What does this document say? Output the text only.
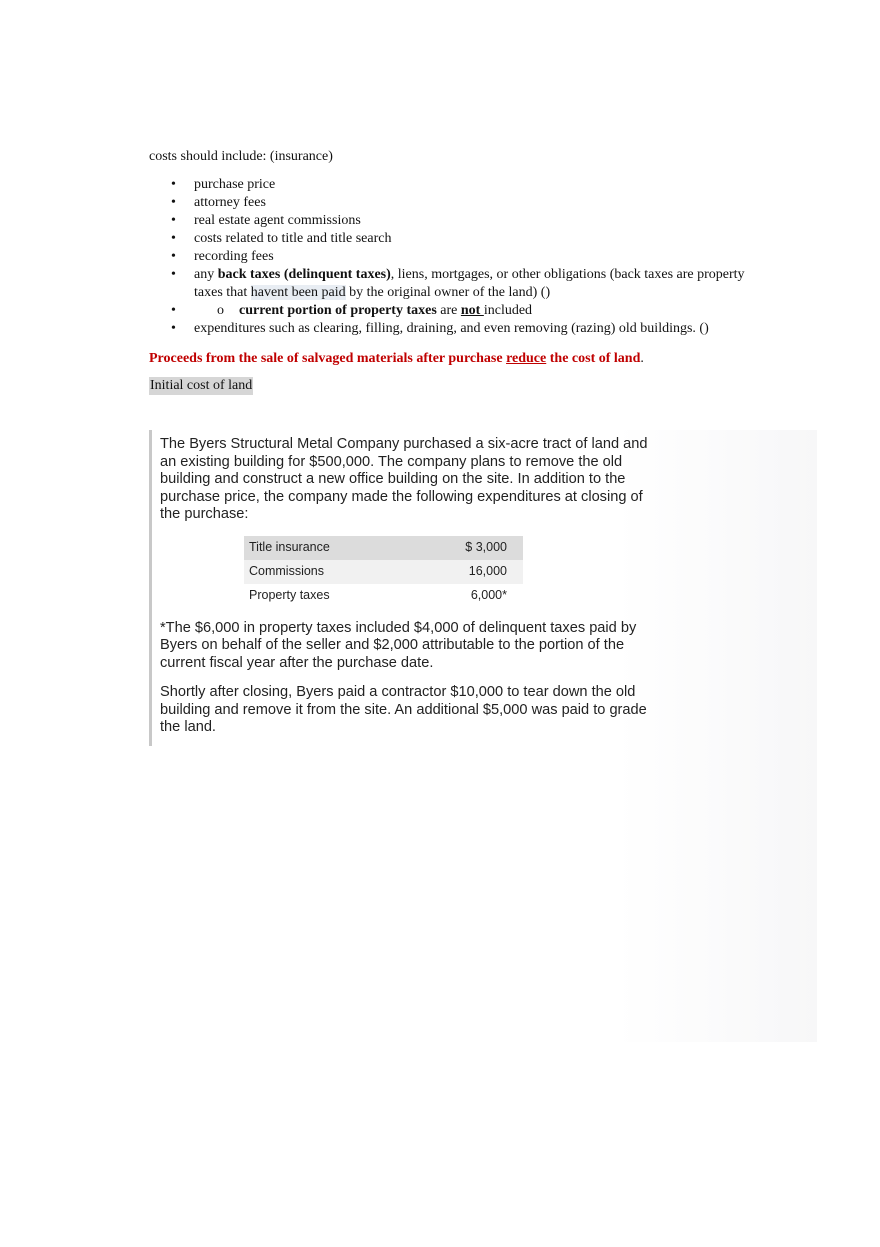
costs should include: (insurance)

• purchase price
• attorney fees
• real estate agent commissions
• costs related to title and title search
• recording fees
• any back taxes (delinquent taxes), liens, mortgages, or other obligations (back taxes are property taxes that havent been paid by the original owner of the land) ()
• o current portion of property taxes are not included
• expenditures such as clearing, filling, draining, and even removing (razing) old buildings. ()

Proceeds from the sale of salvaged materials after purchase reduce the cost of land.

Initial cost of land

The Byers Structural Metal Company purchased a six-acre tract of land and an existing building for $500,000. The company plans to remove the old building and construct a new office building on the site. In addition to the purchase price, the company made the following expenditures at closing of the purchase:

Title insurance	$ 3,000
Commissions	16,000
Property taxes	6,000*

*The $6,000 in property taxes included $4,000 of delinquent taxes paid by Byers on behalf of the seller and $2,000 attributable to the portion of the current fiscal year after the purchase date.

Shortly after closing, Byers paid a contractor $10,000 to tear down the old building and remove it from the site. An additional $5,000 was paid to grade the land.
